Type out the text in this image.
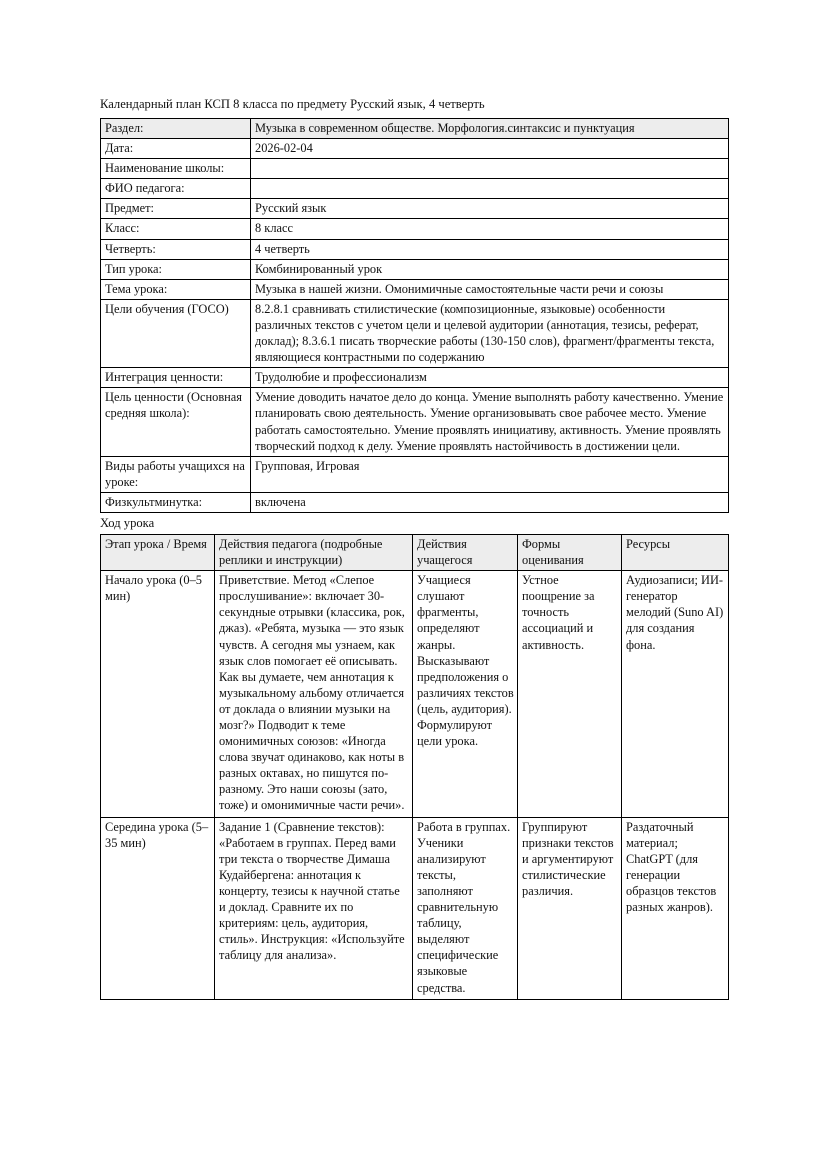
Календарный план КСП 8 класса по предмету Русский язык, 4 четверть

Раздел:	Музыка в современном обществе. Морфология.синтаксис и пунктуация
Дата:	2026-02-04
Наименование школы:	
ФИО педагога:	
Предмет:	Русский язык
Класс:	8 класс
Четверть:	4 четверть
Тип урока:	Комбинированный урок
Тема урока:	Музыка в нашей жизни. Омонимичные самостоятельные части речи и союзы
Цели обучения (ГОСО)	8.2.8.1 сравнивать стилистические (композиционные, языковые) особенности различных текстов с учетом цели и целевой аудитории (аннотация, тезисы, реферат, доклад); 8.3.6.1 писать творческие работы (130-150 слов), фрагмент/фрагменты текста, являющиеся контрастными по содержанию
Интеграция ценности:	Трудолюбие и профессионализм
Цель ценности (Основная средняя школа):	Умение доводить начатое дело до конца. Умение выполнять работу качественно. Умение планировать свою деятельность. Умение организовывать свое рабочее место. Умение работать самостоятельно. Умение проявлять инициативу, активность. Умение проявлять творческий подход к делу. Умение проявлять настойчивость в достижении цели.
Виды работы учащихся на уроке:	Групповая, Игровая
Физкультминутка:	включена

Ход урока

Этап урока / Время	Действия педагога (подробные реплики и инструкции)	Действия учащегося	Формы оценивания	Ресурсы
Начало урока (0–5 мин)	Приветствие. Метод «Слепое прослушивание»: включает 30-секундные отрывки (классика, рок, джаз). «Ребята, музыка — это язык чувств. А сегодня мы узнаем, как язык слов помогает её описывать. Как вы думаете, чем аннотация к музыкальному альбому отличается от доклада о влиянии музыки на мозг?» Подводит к теме омонимичных союзов: «Иногда слова звучат одинаково, как ноты в разных октавах, но пишутся по-разному. Это наши союзы (зато, тоже) и омонимичные части речи».	Учащиеся слушают фрагменты, определяют жанры. Высказывают предположения о различиях текстов (цель, аудитория). Формулируют цели урока.	Устное поощрение за точность ассоциаций и активность.	Аудиозаписи; ИИ-генератор мелодий (Suno AI) для создания фона.
Середина урока (5–35 мин)	Задание 1 (Сравнение текстов): «Работаем в группах. Перед вами три текста о творчестве Димаша Кудайбергена: аннотация к концерту, тезисы к научной статье и доклад. Сравните их по критериям: цель, аудитория, стиль». Инструкция: «Используйте таблицу для анализа».	Работа в группах. Ученики анализируют тексты, заполняют сравнительную таблицу, выделяют специфические языковые средства.	Группируют признаки текстов и аргументируют стилистические различия.	Раздаточный материал; ChatGPT (для генерации образцов текстов разных жанров).
